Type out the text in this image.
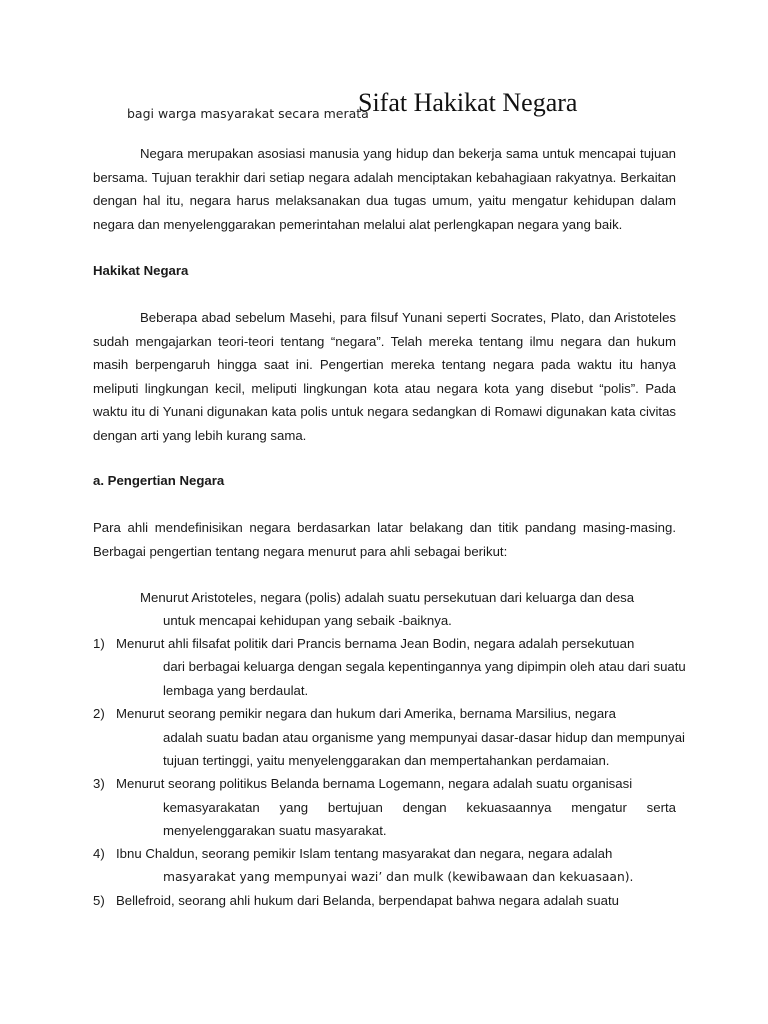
bagi warga masyarakat secara merata
Sifat Hakikat Negara
Negara merupakan asosiasi manusia yang hidup dan bekerja sama untuk mencapai tujuan bersama. Tujuan terakhir dari setiap negara adalah menciptakan kebahagiaan rakyatnya. Berkaitan dengan hal itu, negara harus melaksanakan dua tugas umum, yaitu mengatur kehidupan dalam negara dan menyelenggarakan pemerintahan melalui alat perlengkapan negara yang baik.
Hakikat Negara
Beberapa abad sebelum Masehi, para filsuf Yunani seperti Socrates, Plato, dan Aristoteles sudah mengajarkan teori-teori tentang “negara”. Telah mereka tentang ilmu negara dan hukum masih berpengaruh hingga saat ini. Pengertian mereka tentang negara pada waktu itu hanya meliputi lingkungan kecil, meliputi lingkungan kota atau negara kota yang disebut “polis”. Pada waktu itu di Yunani digunakan kata polis untuk negara sedangkan di Romawi digunakan kata civitas dengan arti yang lebih kurang sama.
a. Pengertian Negara
Para ahli mendefinisikan negara berdasarkan latar belakang dan titik pandang masing-masing. Berbagai pengertian tentang negara menurut para ahli sebagai berikut:
Menurut Aristoteles, negara (polis) adalah suatu persekutuan dari keluarga dan desa
untuk mencapai kehidupan yang sebaik -baiknya.
1) Menurut ahli filsafat politik dari Prancis bernama Jean Bodin, negara adalah persekutuan
dari berbagai keluarga dengan segala kepentingannya yang dipimpin oleh atau dari suatu
lembaga yang berdaulat.
2) Menurut seorang pemikir negara dan hukum dari Amerika, bernama Marsilius, negara
adalah suatu badan atau organisme yang mempunyai dasar-dasar hidup dan mempunyai
tujuan tertinggi, yaitu menyelenggarakan dan mempertahankan perdamaian.
3) Menurut seorang politikus Belanda bernama Logemann, negara adalah suatu organisasi
kemasyarakatan yang bertujuan dengan kekuasaannya mengatur serta
menyelenggarakan suatu masyarakat.
4) Ibnu Chaldun, seorang pemikir Islam tentang masyarakat dan negara, negara adalah
masyarakat yang mempunyai wazi’ dan mulk (kewibawaan dan kekuasaan).
5) Bellefroid, seorang ahli hukum dari Belanda, berpendapat bahwa negara adalah suatu
